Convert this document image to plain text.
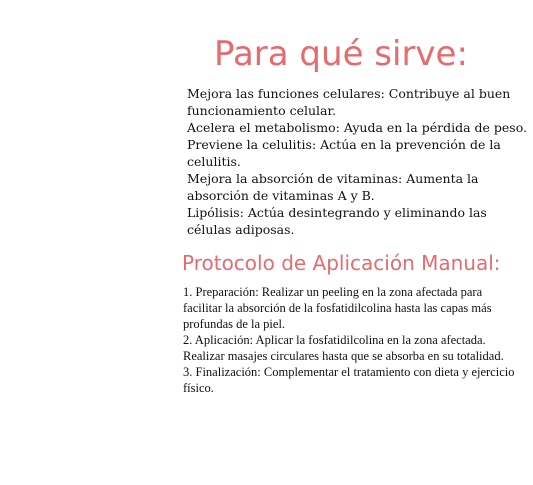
Para qué sirve:
Mejora las funciones celulares: Contribuye al buen funcionamiento celular.
Acelera el metabolismo: Ayuda en la pérdida de peso.
Previene la celulitis: Actúa en la prevención de la celulitis.
Mejora la absorción de vitaminas: Aumenta la absorción de vitaminas A y B.
Lipólisis: Actúa desintegrando y eliminando las células adiposas.
Protocolo de Aplicación Manual:
1. Preparación: Realizar un peeling en la zona afectada para facilitar la absorción de la fosfatidilcolina hasta las capas más profundas de la piel.
2. Aplicación: Aplicar la fosfatidilcolina en la zona afectada. Realizar masajes circulares hasta que se absorba en su totalidad.
3. Finalización: Complementar el tratamiento con dieta y ejercicio físico.
